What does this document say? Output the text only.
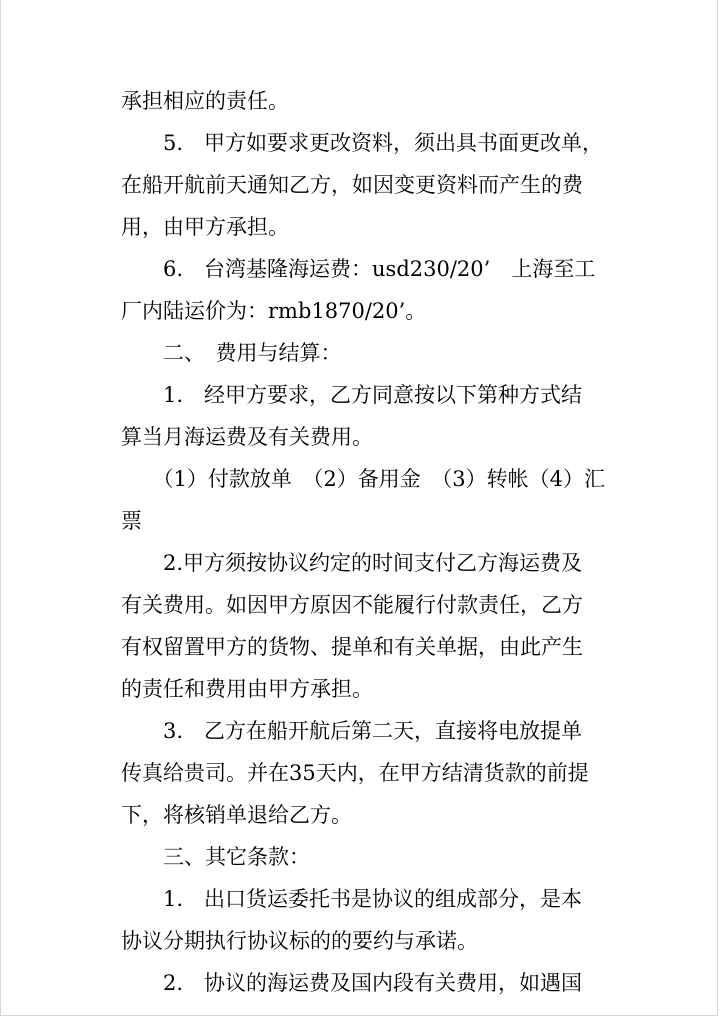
承担相应的责任。
　　5.　甲方如要求更改资料，须出具书面更改单，
在船开航前天通知乙方，如因变更资料而产生的费
用，由甲方承担。
　　6.　台湾基隆海运费：usd230/20’　上海至工
厂内陆运价为：rmb1870/20’。
　　二、　费用与结算：
　　1.　经甲方要求，乙方同意按以下第种方式结
算当月海运费及有关费用。
　　（1）付款放单　（2）备用金　（3）转帐（4）汇
票
　　2.甲方须按协议约定的时间支付乙方海运费及
有关费用。如因甲方原因不能履行付款责任，乙方
有权留置甲方的货物、提单和有关单据，由此产生
的责任和费用由甲方承担。
　　3.　乙方在船开航后第二天，直接将电放提单
传真给贵司。并在35天内，在甲方结清货款的前提
下，将核销单退给乙方。
　　三、其它条款：
　　1.　出口货运委托书是协议的组成部分，是本
协议分期执行协议标的的要约与承诺。
　　2.　协议的海运费及国内段有关费用，如遇国
